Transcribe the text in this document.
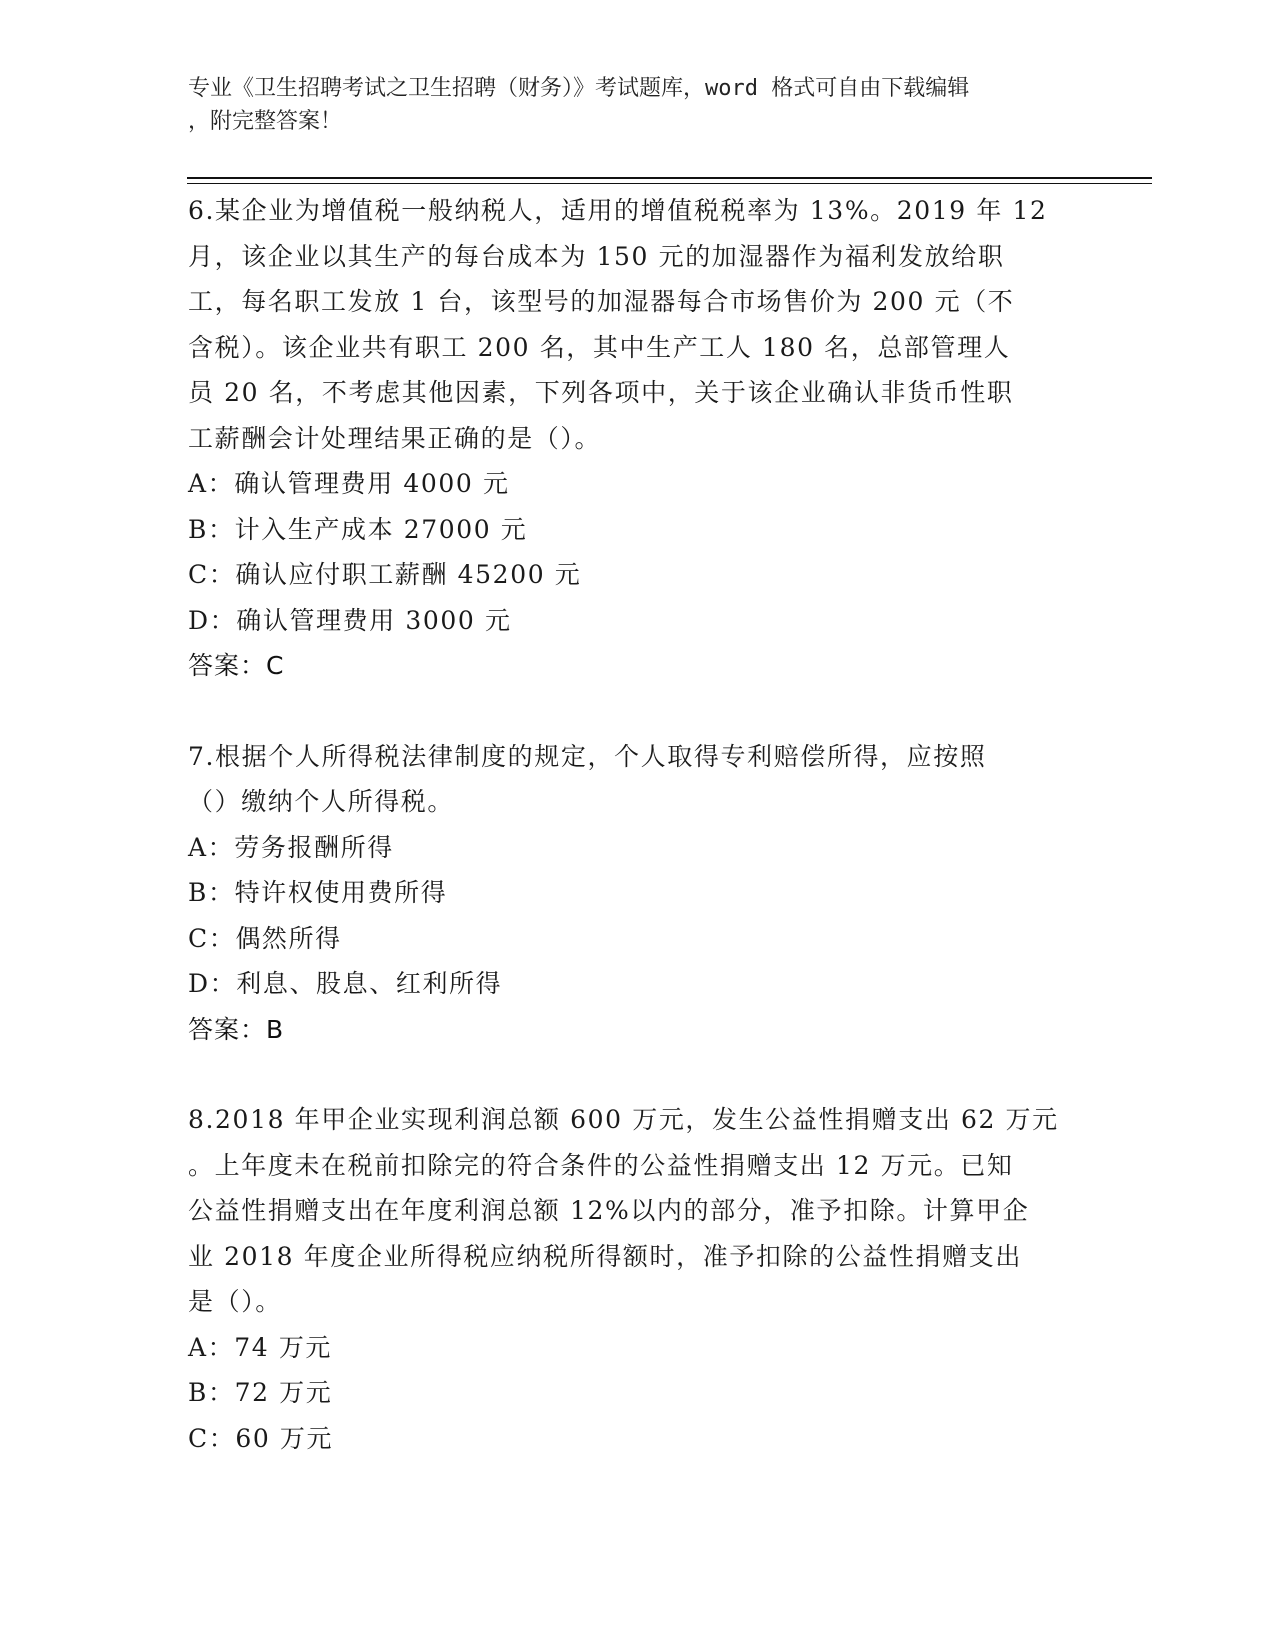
专业《卫生招聘考试之卫生招聘（财务）》考试题库，word 格式可自由下载编辑

，附完整答案！

6.某企业为增值税一般纳税人，适用的增值税税率为 13%。2019 年 12
月，该企业以其生产的每台成本为 150 元的加湿器作为福利发放给职
工，每名职工发放 1 台，该型号的加湿器每合市场售价为 200 元（不
含税）。该企业共有职工 200 名，其中生产工人 180 名，总部管理人
员 20 名，不考虑其他因素，下列各项中，关于该企业确认非货币性职
工薪酬会计处理结果正确的是（）。
A：确认管理费用 4000 元
B：计入生产成本 27000 元
C：确认应付职工薪酬 45200 元
D：确认管理费用 3000 元
答案：C
7.根据个人所得税法律制度的规定，个人取得专利赔偿所得，应按照
（）缴纳个人所得税。
A：劳务报酬所得
B：特许权使用费所得
C：偶然所得
D：利息、股息、红利所得
答案：B
8.2018 年甲企业实现利润总额 600 万元，发生公益性捐赠支出 62 万元
。上年度未在税前扣除完的符合条件的公益性捐赠支出 12 万元。已知
公益性捐赠支出在年度利润总额 12%以内的部分，准予扣除。计算甲企
业 2018 年度企业所得税应纳税所得额时，准予扣除的公益性捐赠支出
是（）。
A：74 万元
B：72 万元
C：60 万元
